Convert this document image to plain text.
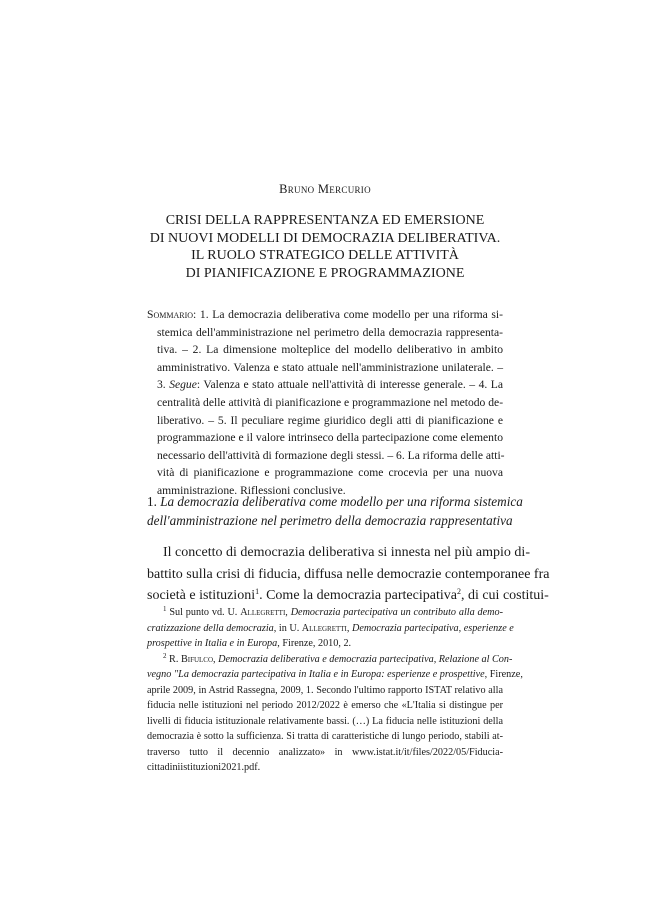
Bruno Mercurio
CRISI DELLA RAPPRESENTANZA ED EMERSIONE
DI NUOVI MODELLI DI DEMOCRAZIA DELIBERATIVA.
IL RUOLO STRATEGICO DELLE ATTIVITÀ
DI PIANIFICAZIONE E PROGRAMMAZIONE
Sommario: 1. La democrazia deliberativa come modello per una riforma si-
stemica dell'amministrazione nel perimetro della democrazia rappresenta-
tiva. – 2. La dimensione molteplice del modello deliberativo in ambito
amministrativo. Valenza e stato attuale nell'amministrazione unilaterale. –
3. Segue: Valenza e stato attuale nell'attività di interesse generale. – 4. La
centralità delle attività di pianificazione e programmazione nel metodo de-
liberativo. – 5. Il peculiare regime giuridico degli atti di pianificazione e
programmazione e il valore intrinseco della partecipazione come elemento
necessario dell'attività di formazione degli stessi. – 6. La riforma delle atti-
vità di pianificazione e programmazione come crocevia per una nuova
amministrazione. Riflessioni conclusive.
1. La democrazia deliberativa come modello per una riforma sistemica
dell'amministrazione nel perimetro della democrazia rappresentativa
Il concetto di democrazia deliberativa si innesta nel più ampio di-
battito sulla crisi di fiducia, diffusa nelle democrazie contemporanee fra
società e istituzioni$^1$. Come la democrazia partecipativa$^2$, di cui costitui-
$^1$ Sul punto vd. U. Allegretti, Democrazia partecipativa un contributo alla demo-
cratizzazione della democrazia, in U. Allegretti, Democrazia partecipativa, esperienze e
prospettive in Italia e in Europa, Firenze, 2010, 2.
$^2$ R. Bifulco, Democrazia deliberativa e democrazia partecipativa, Relazione al Con-
vegno "La democrazia partecipativa in Italia e in Europa: esperienze e prospettive, Firenze,
aprile 2009, in Astrid Rassegna, 2009, 1. Secondo l'ultimo rapporto ISTAT relativo alla
fiducia nelle istituzioni nel periodo 2012/2022 è emerso che «L'Italia si distingue per
livelli di fiducia istituzionale relativamente bassi. (…) La fiducia nelle istituzioni della
democrazia è sotto la sufficienza. Si tratta di caratteristiche di lungo periodo, stabili at-
traverso tutto il decennio analizzato» in www.istat.it/it/files/2022/05/Fiducia-
cittadiniistituzioni2021.pdf.
